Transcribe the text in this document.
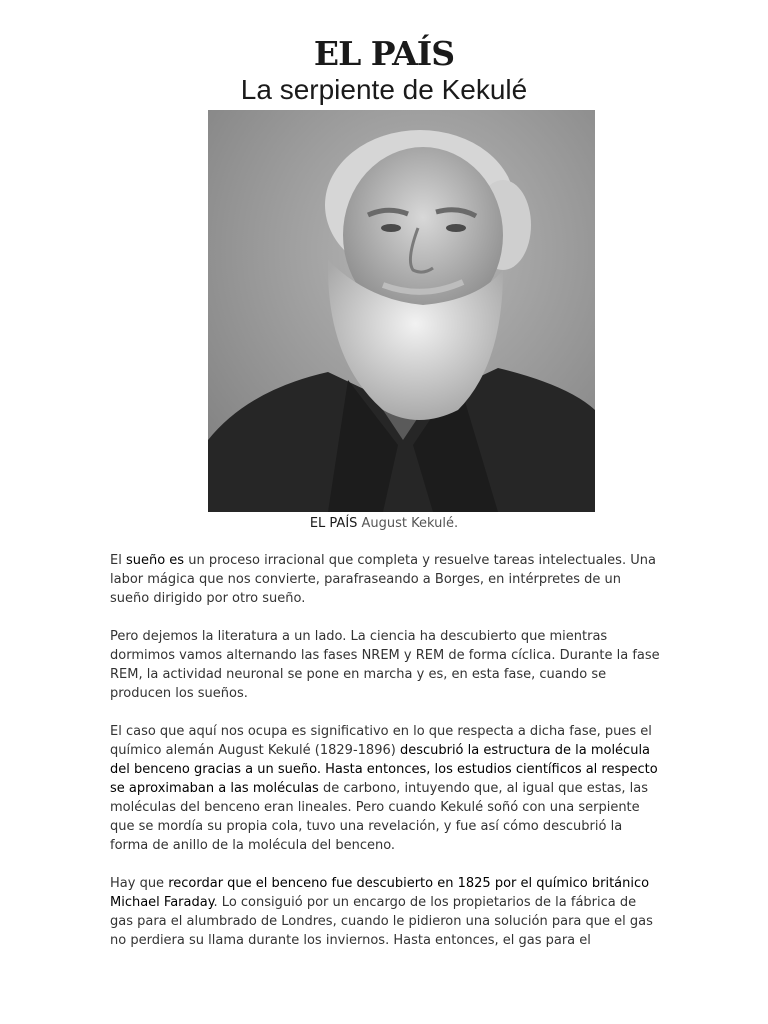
EL PAÍS
La serpiente de Kekulé
EL PAÍS August Kekulé.

El sueño es un proceso irracional que completa y resuelve tareas intelectuales. Una labor mágica que nos convierte, parafraseando a Borges, en intérpretes de un sueño dirigido por otro sueño.

Pero dejemos la literatura a un lado. La ciencia ha descubierto que mientras dormimos vamos alternando las fases NREM y REM de forma cíclica. Durante la fase REM, la actividad neuronal se pone en marcha y es, en esta fase, cuando se producen los sueños.

El caso que aquí nos ocupa es significativo en lo que respecta a dicha fase, pues el químico alemán August Kekulé (1829-1896) descubrió la estructura de la molécula del benceno gracias a un sueño. Hasta entonces, los estudios científicos al respecto se aproximaban a las moléculas de carbono, intuyendo que, al igual que estas, las moléculas del benceno eran lineales. Pero cuando Kekulé soñó con una serpiente que se mordía su propia cola, tuvo una revelación, y fue así cómo descubrió la forma de anillo de la molécula del benceno.

Hay que recordar que el benceno fue descubierto en 1825 por el químico británico Michael Faraday. Lo consiguió por un encargo de los propietarios de la fábrica de gas para el alumbrado de Londres, cuando le pidieron una solución para que el gas no perdiera su llama durante los inviernos. Hasta entonces, el gas para el
